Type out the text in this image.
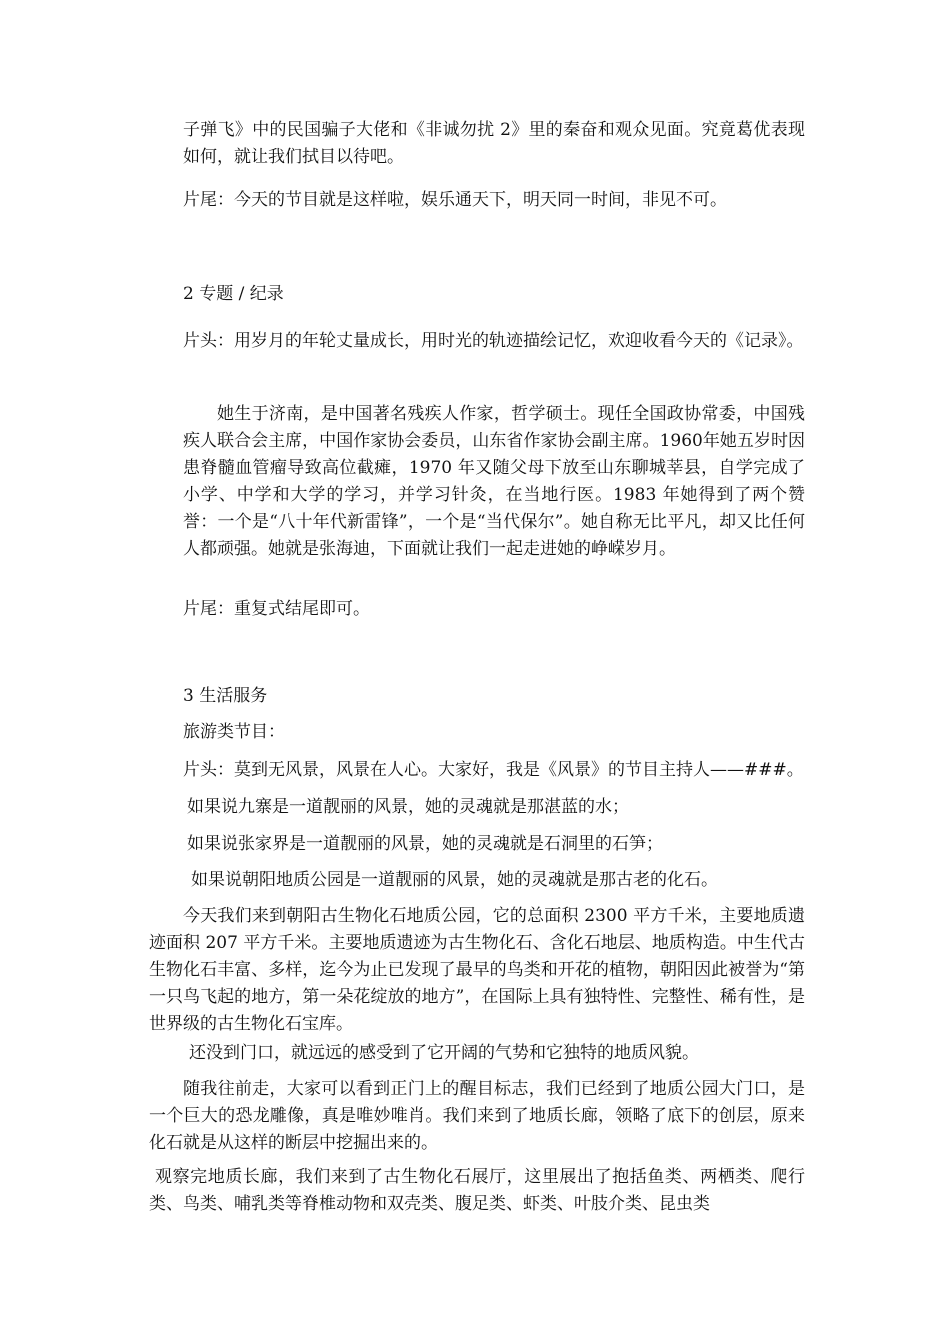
子弹飞》中的民国骗子大佬和《非诚勿扰 2》里的秦奋和观众见面。究竟葛优表现如何，就让我们拭目以待吧。

片尾：今天的节目就是这样啦，娱乐通天下，明天同一时间，非见不可。

2 专题 / 纪录

片头：用岁月的年轮丈量成长，用时光的轨迹描绘记忆，欢迎收看今天的《记录》。

她生于济南，是中国著名残疾人作家，哲学硕士。现任全国政协常委，中国残疾人联合会主席，中国作家协会委员，山东省作家协会副主席。1960年她五岁时因患脊髓血管瘤导致高位截瘫，1970 年又随父母下放至山东聊城莘县，自学完成了小学、中学和大学的学习，并学习针灸，在当地行医。1983 年她得到了两个赞誉：一个是“八十年代新雷锋”，一个是“当代保尔”。她自称无比平凡，却又比任何人都顽强。她就是张海迪，下面就让我们一起走进她的峥嵘岁月。

片尾：重复式结尾即可。

3 生活服务

旅游类节目：

片头：莫到无风景，风景在人心。大家好，我是《风景》的节目主持人——###。

如果说九寨是一道靓丽的风景，她的灵魂就是那湛蓝的水；

如果说张家界是一道靓丽的风景，她的灵魂就是石洞里的石笋；

如果说朝阳地质公园是一道靓丽的风景，她的灵魂就是那古老的化石。

今天我们来到朝阳古生物化石地质公园，它的总面积 2300 平方千米，主要地质遗迹面积 207 平方千米。主要地质遗迹为古生物化石、含化石地层、地质构造。中生代古生物化石丰富、多样，迄今为止已发现了最早的鸟类和开花的植物，朝阳因此被誉为“第一只鸟飞起的地方，第一朵花绽放的地方”，在国际上具有独特性、完整性、稀有性，是世界级的古生物化石宝库。

还没到门口，就远远的感受到了它开阔的气势和它独特的地质风貌。

随我往前走，大家可以看到正门上的醒目标志，我们已经到了地质公园大门口，是一个巨大的恐龙雕像，真是唯妙唯肖。我们来到了地质长廊，领略了底下的创层，原来化石就是从这样的断层中挖掘出来的。

观察完地质长廊，我们来到了古生物化石展厅，这里展出了抱括鱼类、两栖类、爬行类、鸟类、哺乳类等脊椎动物和双壳类、腹足类、虾类、叶肢介类、昆虫类
